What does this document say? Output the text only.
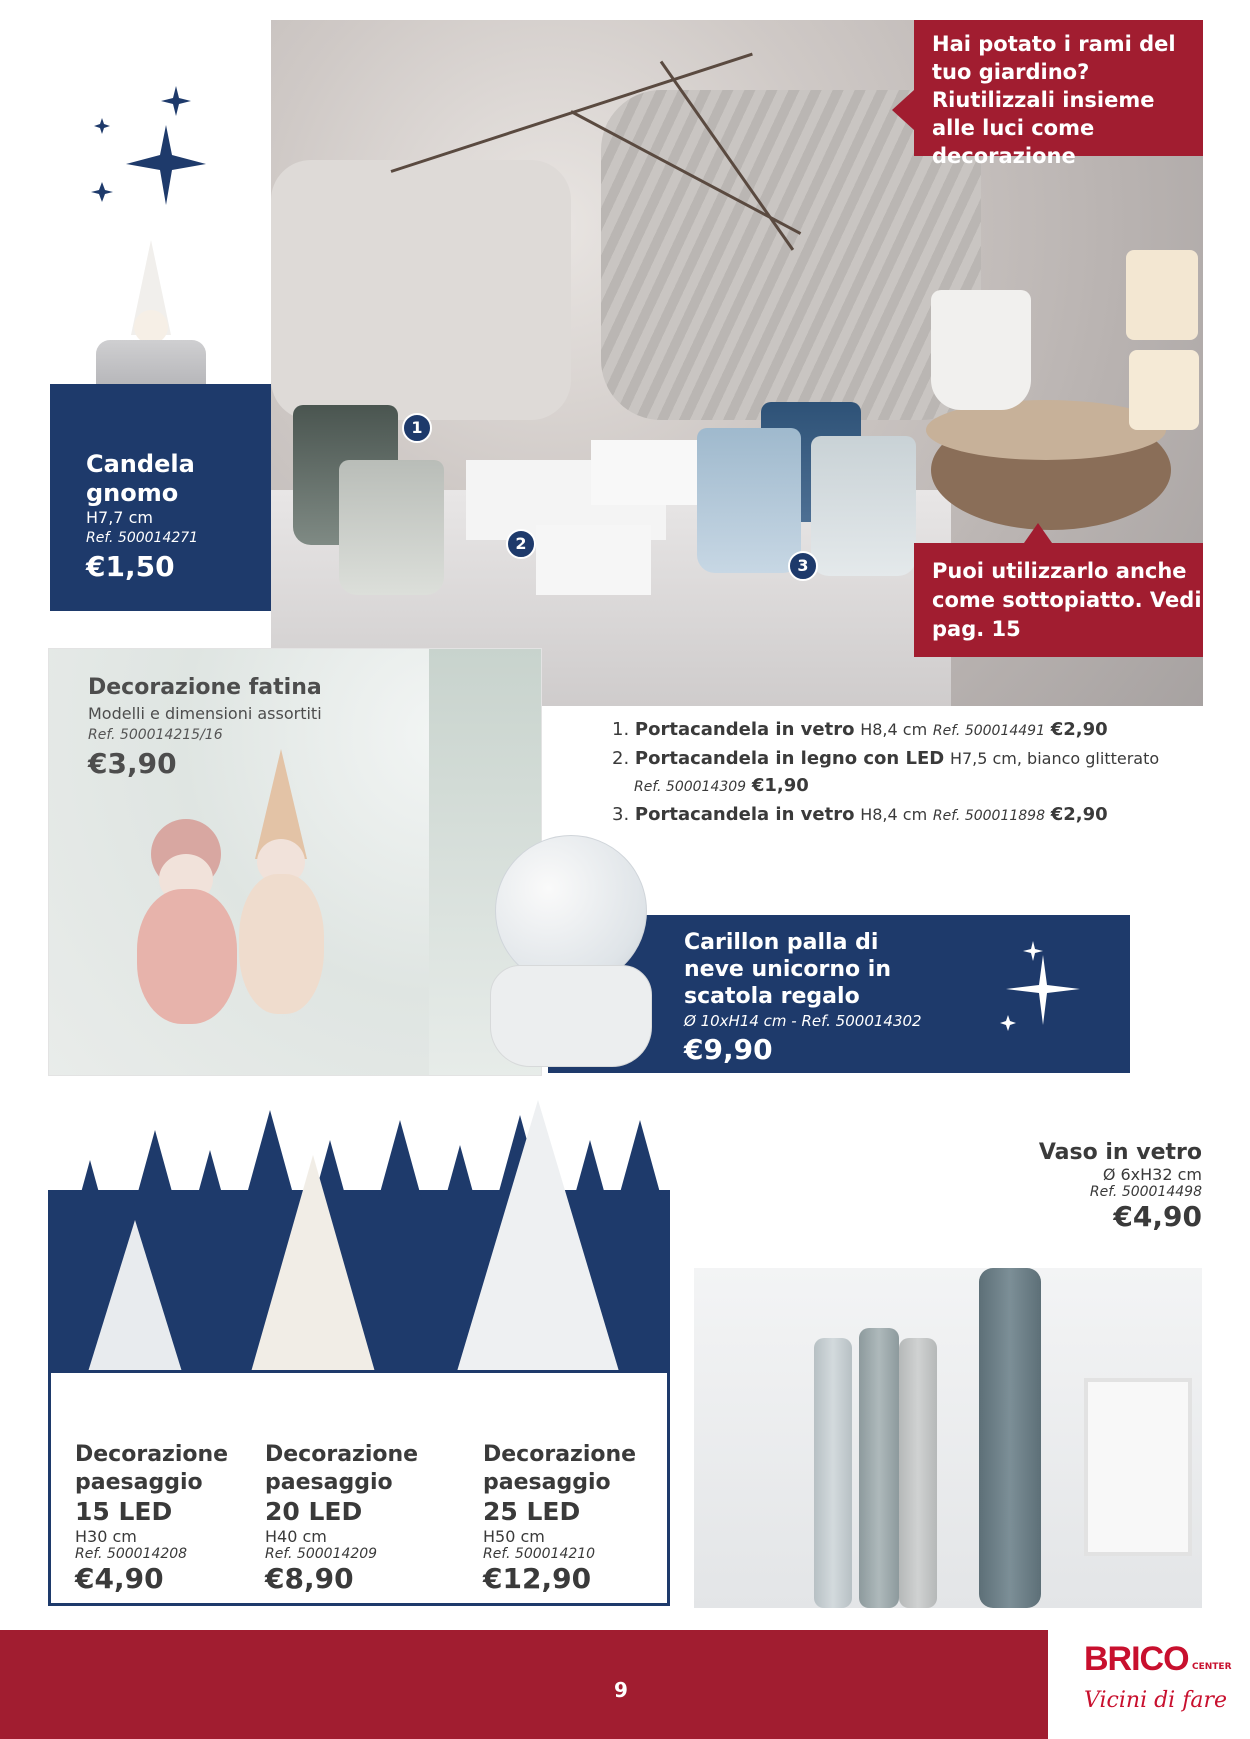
Candela gnomo
H7,7 cm
Ref. 500014271
€1,50
1
2
3
Hai potato i rami del tuo giardino? Riutilizzali insieme alle luci come decorazione
Puoi utilizzarlo anche come sottopiatto. Vedi pag. 15
Decorazione fatina
Modelli e dimensioni assortiti
Ref. 500014215/16
€3,90
1. Portacandela in vetro H8,4 cm Ref. 500014491 €2,90
2. Portacandela in legno con LED H7,5 cm, bianco glitterato
Ref. 500014309 €1,90
3. Portacandela in vetro H8,4 cm Ref. 500011898 €2,90
Carillon palla di neve unicorno in scatola regalo
Ø 10xH14 cm - Ref. 500014302
€9,90
Decorazione paesaggio
15 LED
H30 cm
Ref. 500014208
€4,90
Decorazione paesaggio
20 LED
H40 cm
Ref. 500014209
€8,90
Decorazione paesaggio
25 LED
H50 cm
Ref. 500014210
€12,90
Vaso in vetro
Ø 6xH32 cm
Ref. 500014498
€4,90
9
BRICO CENTER
Vicini di fare
